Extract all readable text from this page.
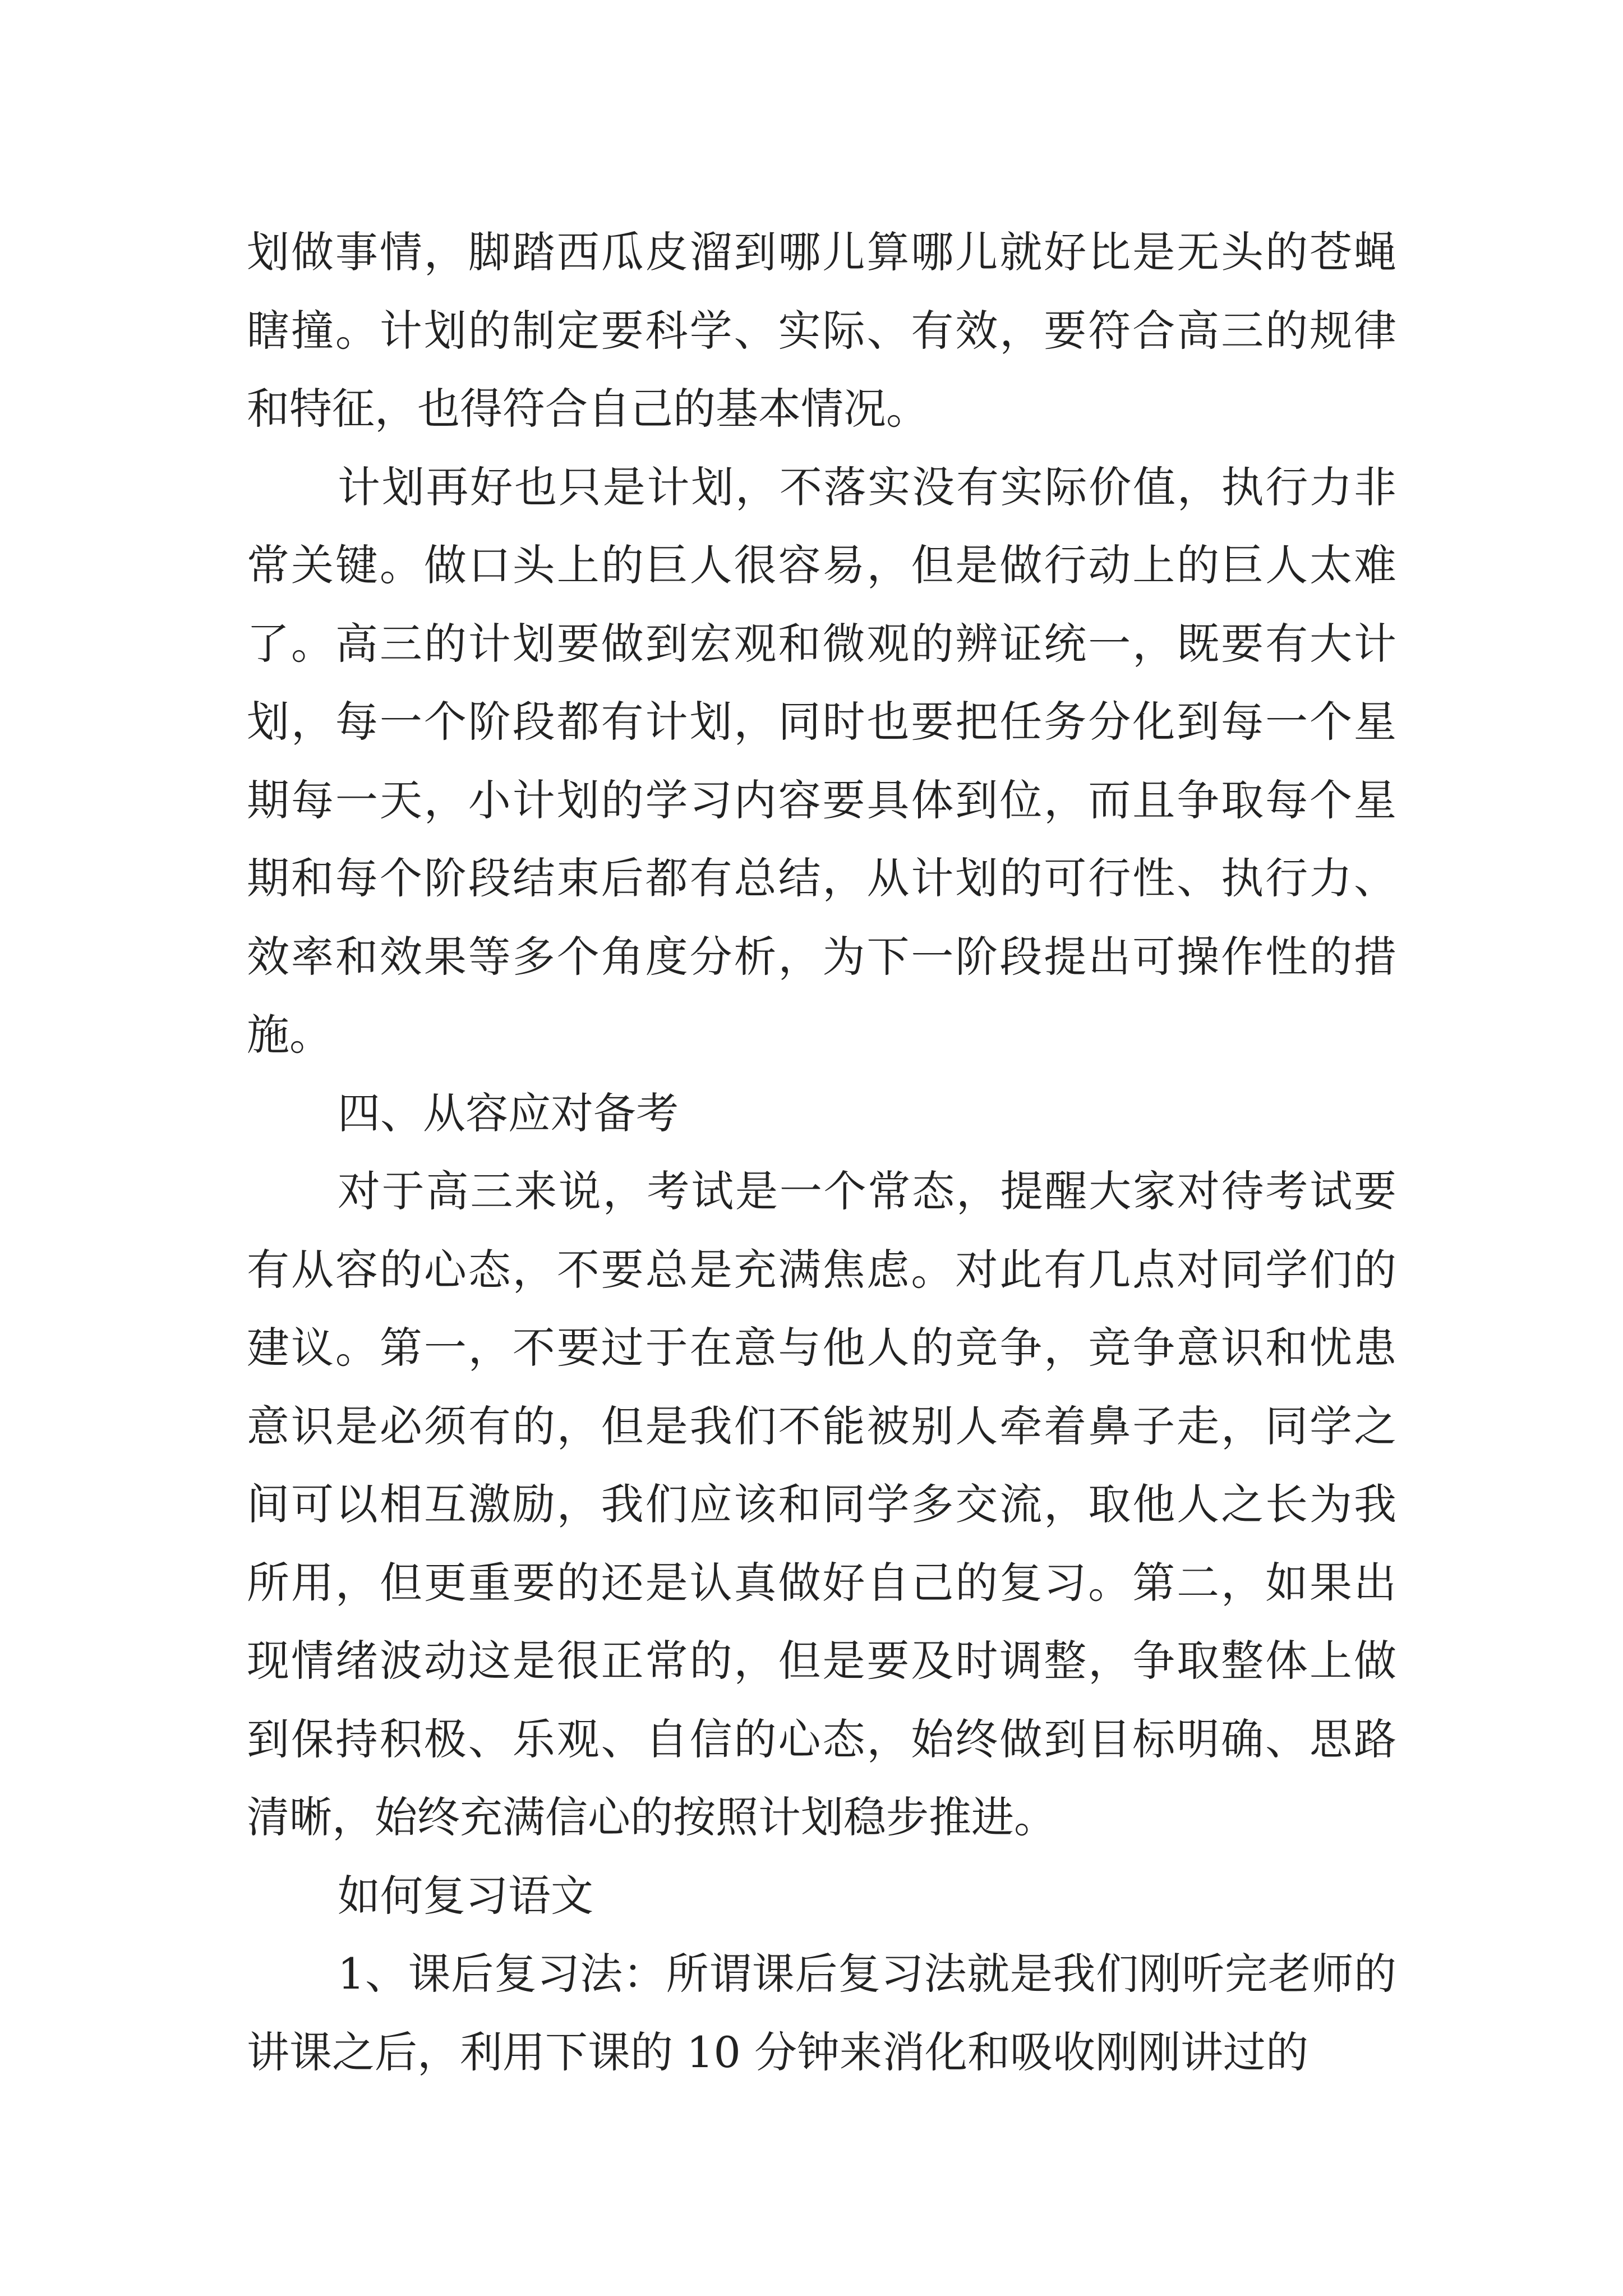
划做事情，脚踏西瓜皮溜到哪儿算哪儿就好比是无头的苍蝇瞎撞。计划的制定要科学、实际、有效，要符合高三的规律和特征，也得符合自己的基本情况。

计划再好也只是计划，不落实没有实际价值，执行力非常关键。做口头上的巨人很容易，但是做行动上的巨人太难了。高三的计划要做到宏观和微观的辨证统一，既要有大计划，每一个阶段都有计划，同时也要把任务分化到每一个星期每一天，小计划的学习内容要具体到位，而且争取每个星期和每个阶段结束后都有总结，从计划的可行性、执行力、效率和效果等多个角度分析，为下一阶段提出可操作性的措施。

四、从容应对备考

对于高三来说，考试是一个常态，提醒大家对待考试要有从容的心态，不要总是充满焦虑。对此有几点对同学们的建议。第一，不要过于在意与他人的竞争，竞争意识和忧患意识是必须有的，但是我们不能被别人牵着鼻子走，同学之间可以相互激励，我们应该和同学多交流，取他人之长为我所用，但更重要的还是认真做好自己的复习。第二，如果出现情绪波动这是很正常的，但是要及时调整，争取整体上做到保持积极、乐观、自信的心态，始终做到目标明确、思路清晰，始终充满信心的按照计划稳步推进。

如何复习语文

1、课后复习法：所谓课后复习法就是我们刚听完老师的讲课之后，利用下课的 10 分钟来消化和吸收刚刚讲过的
